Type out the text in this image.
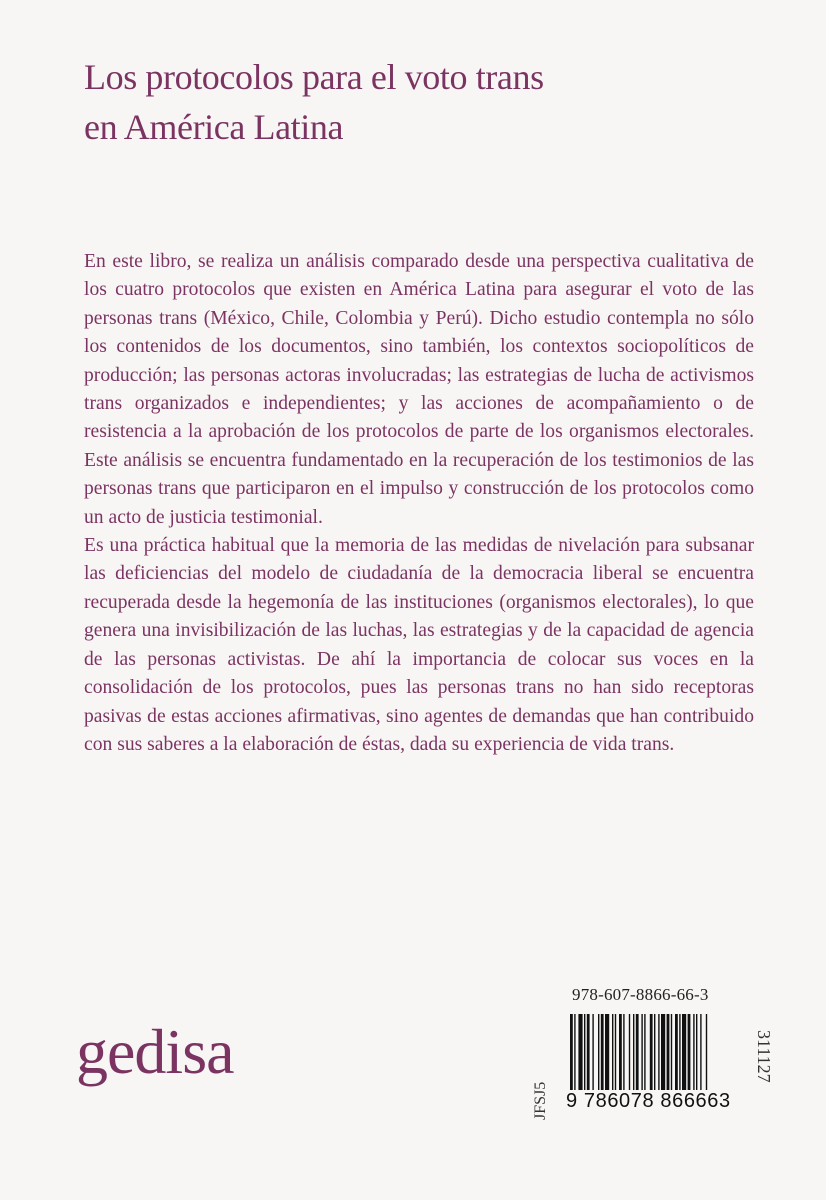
Los protocolos para el voto trans
en América Latina

En este libro, se realiza un análisis comparado desde una perspectiva cualitativa de los cuatro protocolos que existen en América Latina para asegurar el voto de las personas trans (México, Chile, Colombia y Perú). Dicho estudio contempla no sólo los contenidos de los documentos, sino también, los contextos sociopolíticos de producción; las personas actoras involucradas; las estrategias de lucha de activismos trans organizados e independientes; y las acciones de acompañamiento o de resistencia a la aprobación de los protocolos de parte de los organismos electorales. Este análisis se encuentra fundamentado en la recuperación de los testimonios de las personas trans que participaron en el impulso y construcción de los protocolos como un acto de justicia testimonial.

Es una práctica habitual que la memoria de las medidas de nivelación para subsanar las deficiencias del modelo de ciudadanía de la democracia liberal se encuentra recuperada desde la hegemonía de las instituciones (organismos electorales), lo que genera una invisibilización de las luchas, las estrategias y de la capacidad de agencia de las personas activistas. De ahí la importancia de colocar sus voces en la consolidación de los protocolos, pues las personas trans no han sido receptoras pasivas de estas acciones afirmativas, sino agentes de demandas que han contribuido con sus saberes a la elaboración de éstas, dada su experiencia de vida trans.

gedisa
978-607-8866-66-3
JFSJ5 9 786078 866663
311127
